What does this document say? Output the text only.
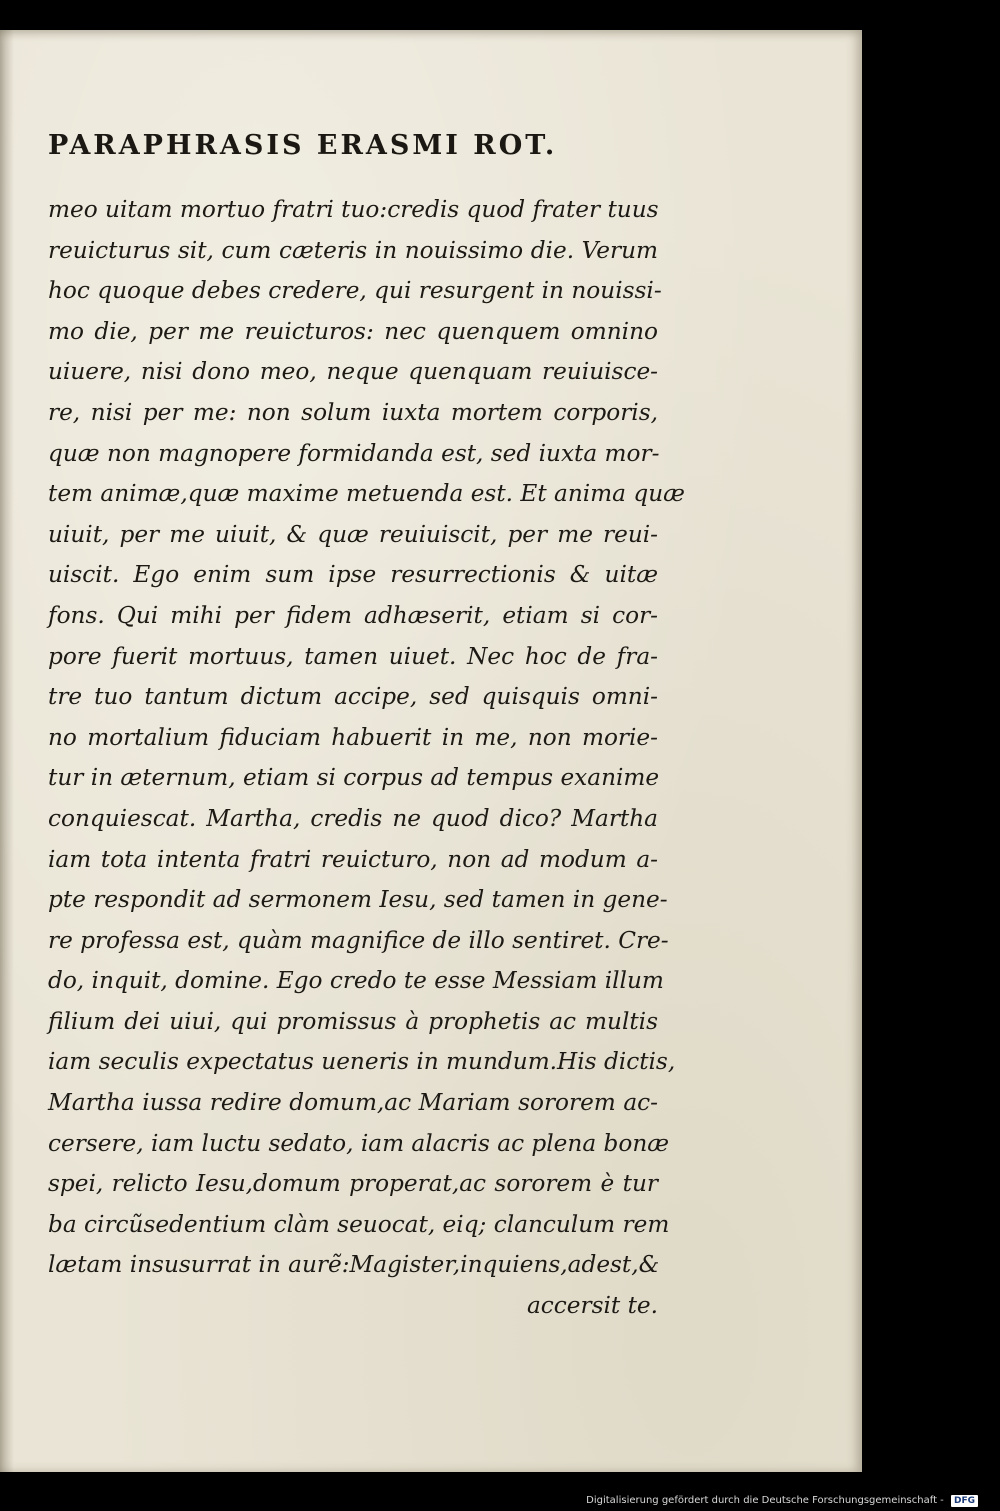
PARAPHRASIS ERASMI ROT.
meo uitam mortuo fratri tuo:credis quod frater tuus
reuicturus sit, cum cæteris in nouissimo die. Verum
hoc quoque debes credere, qui resurgent in nouissi-
mo die, per me reuicturos: nec quenquem omnino
uiuere, nisi dono meo, neque quenquam reuiuisce-
re, nisi per me: non solum iuxta mortem corporis,
quæ non magnopere formidanda est, sed iuxta mor-
tem animæ,quæ maxime metuenda est. Et anima quæ
uiuit, per me uiuit, & quæ reuiuiscit, per me reui-
uiscit. Ego enim sum ipse resurrectionis & uitæ
fons. Qui mihi per fidem adhæserit, etiam si cor-
pore fuerit mortuus, tamen uiuet. Nec hoc de fra-
tre tuo tantum dictum accipe, sed quisquis omni-
no mortalium fiduciam habuerit in me, non morie-
tur in æternum, etiam si corpus ad tempus exanime
conquiescat. Martha, credis ne quod dico? Martha
iam tota intenta fratri reuicturo, non ad modum a-
pte respondit ad sermonem Iesu, sed tamen in gene-
re professa est, quàm magnifice de illo sentiret. Cre-
do, inquit, domine. Ego credo te esse Messiam illum
filium dei uiui, qui promissus à prophetis ac multis
iam seculis expectatus ueneris in mundum.His dictis,
Martha iussa redire domum,ac Mariam sororem ac-
cersere, iam luctu sedato, iam alacris ac plena bonæ
spei, relicto Iesu,domum properat,ac sororem è tur
ba circũsedentium clàm seuocat, eiq; clanculum rem
lætam insusurrat in aurẽ:Magister,inquiens,adest,&
accersit te.
Digitalisierung gefördert durch die Deutsche Forschungsgemeinschaft - DFG
